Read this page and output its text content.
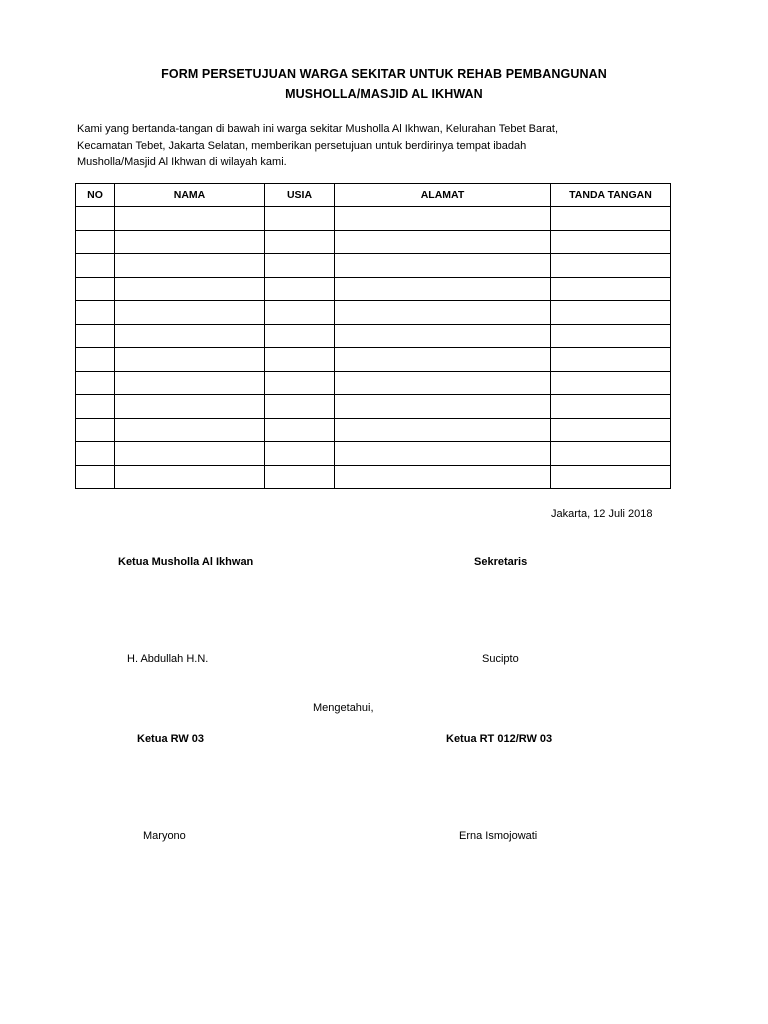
FORM PERSETUJUAN WARGA SEKITAR UNTUK REHAB PEMBANGUNAN
MUSHOLLA/MASJID AL IKHWAN
Kami yang bertanda-tangan di bawah ini warga sekitar Musholla Al Ikhwan, Kelurahan Tebet Barat,
Kecamatan Tebet, Jakarta Selatan, memberikan persetujuan untuk berdirinya tempat ibadah
Musholla/Masjid Al Ikhwan di wilayah kami.
NO	NAMA	USIA	ALAMAT	TANDA TANGAN

Jakarta, 12 Juli 2018
Ketua Musholla Al Ikhwan	Sekretaris
H. Abdullah H.N.	Sucipto
Mengetahui,
Ketua RW 03	Ketua RT 012/RW 03
Maryono	Erna Ismojowati
